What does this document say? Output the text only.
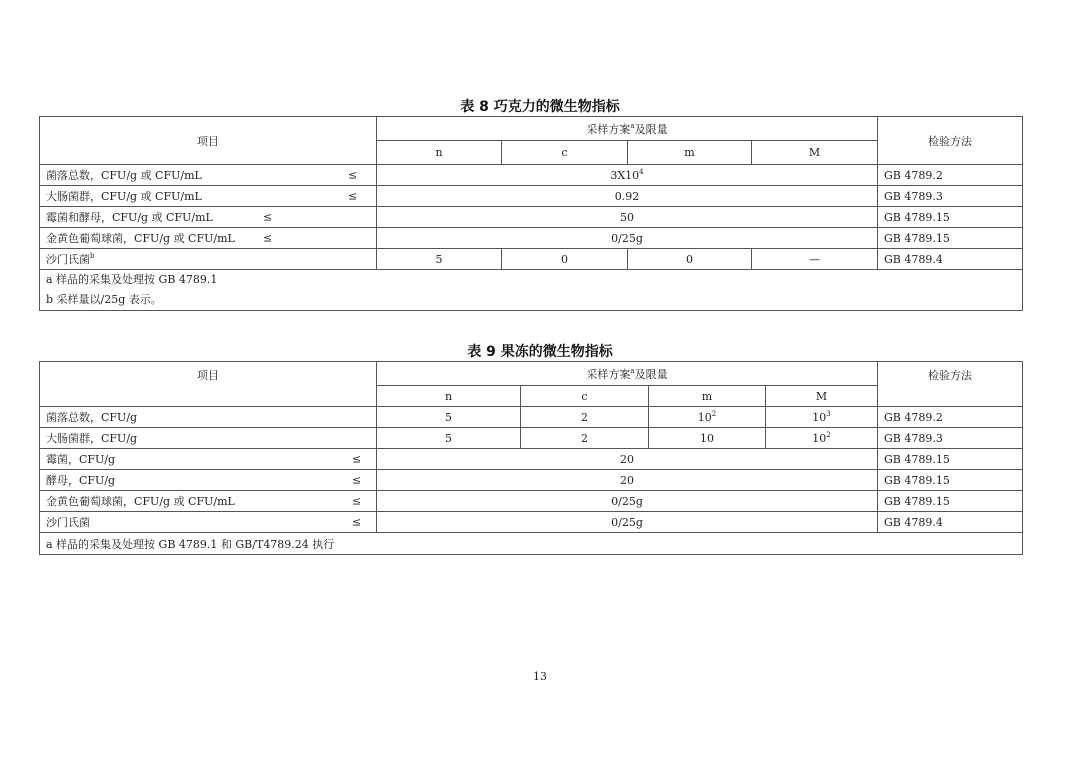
表 8 巧克力的微生物指标
项目	采样方案$^a$及限量				检验方法
	n	c	m	M	
菌落总数，CFU/g 或 CFU/mL ≤	$3X10^4$				GB 4789.2
大肠菌群，CFU/g 或 CFU/mL ≤	0.92				GB 4789.3
霉菌和酵母，CFU/g 或 CFU/mL ≤	50				GB 4789.15
金黄色葡萄球菌，CFU/g 或 CFU/mL ≤	0/25g				GB 4789.15
沙门氏菌$^b$	5	0	0	—	GB 4789.4

a 样品的采集及处理按 GB 4789.1
b 采样量以/25g 表示。					
表 9 果冻的微生物指标
项目	采样方案$^a$及限量				检验方法
	n	c	m	M	
菌落总数，CFU/g	5	2	$10^2$	$10^3$	GB 4789.2
大肠菌群，CFU/g	5	2	10	$10^2$	GB 4789.3
霉菌，CFU/g ≤	20				GB 4789.15
酵母，CFU/g ≤	20				GB 4789.15
金黄色葡萄球菌，CFU/g 或 CFU/mL ≤	0/25g				GB 4789.15
沙门氏菌 ≤	0/25g				GB 4789.4
a 样品的采集及处理按 GB 4789.1 和 GB/T4789.24 执行					
13
